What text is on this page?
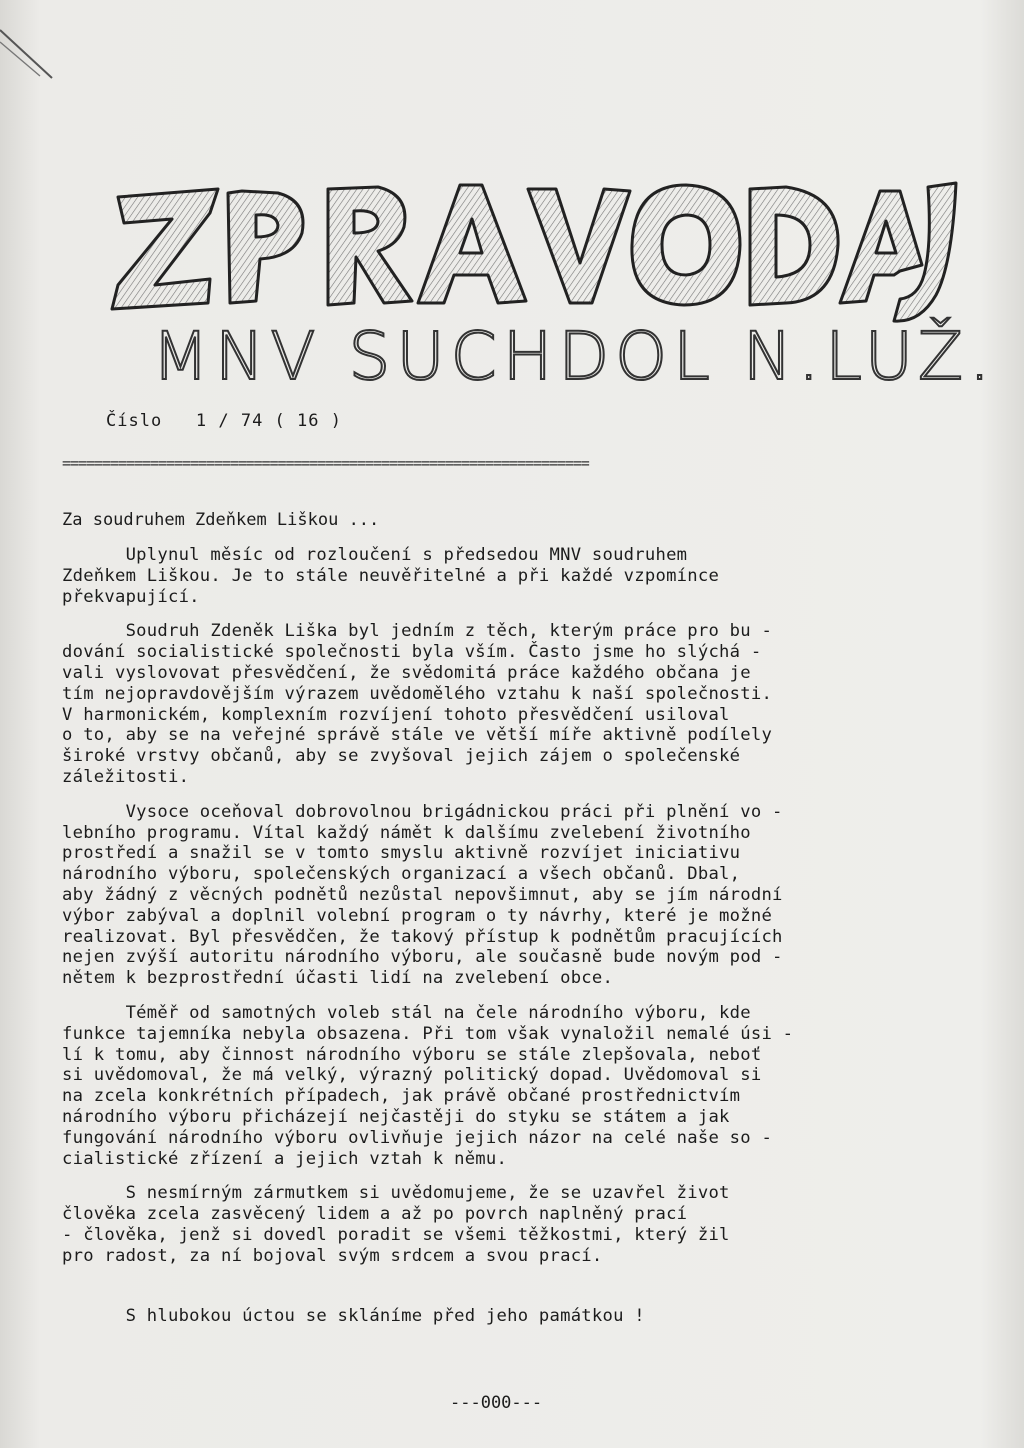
MNV SUCHDOL N.LUŽ.
Číslo 1 / 74 ( 16 )
==================================================================
Za soudruhem Zdeňkem Liškou ...
Uplynul měsíc od rozloučení s předsedou MNV soudruhem
Zdeňkem Liškou. Je to stále neuvěřitelné a při každé vzpomínce
překvapující.
Soudruh Zdeněk Liška byl jedním z těch, kterým práce pro bu -
dování socialistické společnosti byla vším. Často jsme ho slýchá -
vali vyslovovat přesvědčení, že svědomitá práce každého občana je
tím nejopravdovějším výrazem uvědomělého vztahu k naší společnosti.
V harmonickém, komplexním rozvíjení tohoto přesvědčení usiloval
o to, aby se na veřejné správě stále ve větší míře aktivně podílely
široké vrstvy občanů, aby se zvyšoval jejich zájem o společenské
záležitosti.
Vysoce oceňoval dobrovolnou brigádnickou práci při plnění vo -
lebního programu. Vítal každý námět k dalšímu zvelebení životního
prostředí a snažil se v tomto smyslu aktivně rozvíjet iniciativu
národního výboru, společenských organizací a všech občanů. Dbal,
aby žádný z věcných podnětů nezůstal nepovšimnut, aby se jím národní
výbor zabýval a doplnil volební program o ty návrhy, které je možné
realizovat. Byl přesvědčen, že takový přístup k podnětům pracujících
nejen zvýší autoritu národního výboru, ale současně bude novým pod -
nětem k bezprostřední účasti lidí na zvelebení obce.
Téměř od samotných voleb stál na čele národního výboru, kde
funkce tajemníka nebyla obsazena. Při tom však vynaložil nemalé úsi -
lí k tomu, aby činnost národního výboru se stále zlepšovala, neboť
si uvědomoval, že má velký, výrazný politický dopad. Uvědomoval si
na zcela konkrétních případech, jak právě občané prostřednictvím
národního výboru přicházejí nejčastěji do styku se státem a jak
fungování národního výboru ovlivňuje jejich názor na celé naše so -
cialistické zřízení a jejich vztah k němu.
S nesmírným zármutkem si uvědomujeme, že se uzavřel život
člověka zcela zasvěcený lidem a až po povrch naplněný prací
- člověka, jenž si dovedl poradit se všemi těžkostmi, který žil
pro radost, za ní bojoval svým srdcem a svou prací.
S hlubokou úctou se skláníme před jeho památkou !
---000---
